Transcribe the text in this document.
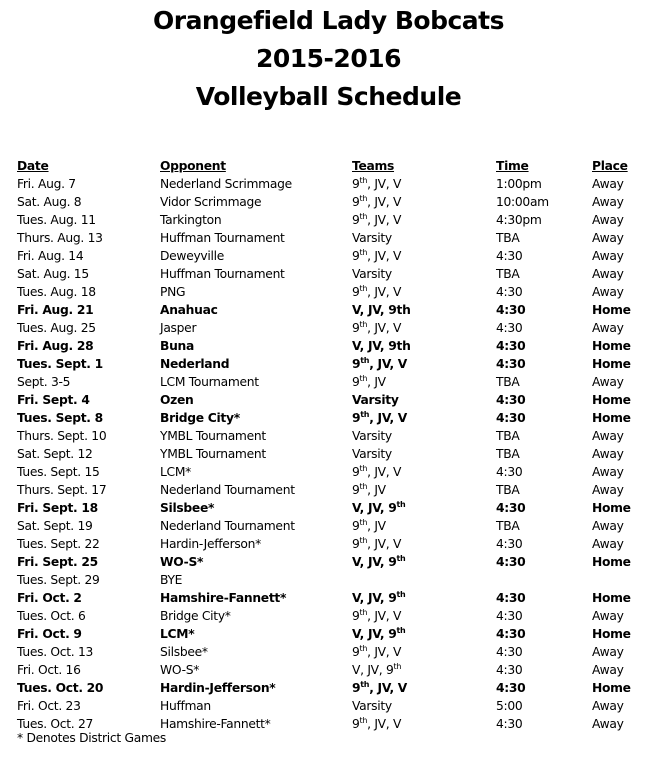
Orangefield Lady Bobcats
2015-2016
Volleyball Schedule
Date	Opponent	Teams	Time	Place
Fri. Aug. 7	Nederland Scrimmage	9th, JV, V	1:00pm	Away
Sat. Aug. 8	Vidor Scrimmage	9th, JV, V	10:00am	Away
Tues. Aug. 11	Tarkington	9th, JV, V	4:30pm	Away
Thurs. Aug. 13	Huffman Tournament	Varsity	TBA	Away
Fri. Aug. 14	Deweyville	9th, JV, V	4:30	Away
Sat. Aug. 15	Huffman Tournament	Varsity	TBA	Away
Tues. Aug. 18	PNG	9th, JV, V	4:30	Away
Fri. Aug. 21	Anahuac	V, JV, 9th	4:30	Home
Tues. Aug. 25	Jasper	9th, JV, V	4:30	Away
Fri. Aug. 28	Buna	V, JV, 9th	4:30	Home
Tues. Sept. 1	Nederland	9th, JV, V	4:30	Home
Sept. 3-5	LCM Tournament	9th, JV	TBA	Away
Fri. Sept. 4	Ozen	Varsity	4:30	Home
Tues. Sept. 8	Bridge City*	9th, JV, V	4:30	Home
Thurs. Sept. 10	YMBL Tournament	Varsity	TBA	Away
Sat. Sept. 12	YMBL Tournament	Varsity	TBA	Away
Tues. Sept. 15	LCM*	9th, JV, V	4:30	Away
Thurs. Sept. 17	Nederland Tournament	9th, JV	TBA	Away
Fri. Sept. 18	Silsbee*	V, JV, 9th	4:30	Home
Sat. Sept. 19	Nederland Tournament	9th, JV	TBA	Away
Tues. Sept. 22	Hardin-Jefferson*	9th, JV, V	4:30	Away
Fri. Sept. 25	WO-S*	V, JV, 9th	4:30	Home
Tues. Sept. 29	BYE
Fri. Oct. 2	Hamshire-Fannett*	V, JV, 9th	4:30	Home
Tues. Oct. 6	Bridge City*	9th, JV, V	4:30	Away
Fri. Oct. 9	LCM*	V, JV, 9th	4:30	Home
Tues. Oct. 13	Silsbee*	9th, JV, V	4:30	Away
Fri. Oct. 16	WO-S*	V, JV, 9th	4:30	Away
Tues. Oct. 20	Hardin-Jefferson*	9th, JV, V	4:30	Home
Fri. Oct. 23	Huffman	Varsity	5:00	Away
Tues. Oct. 27	Hamshire-Fannett*	9th, JV, V	4:30	Away
* Denotes District Games
